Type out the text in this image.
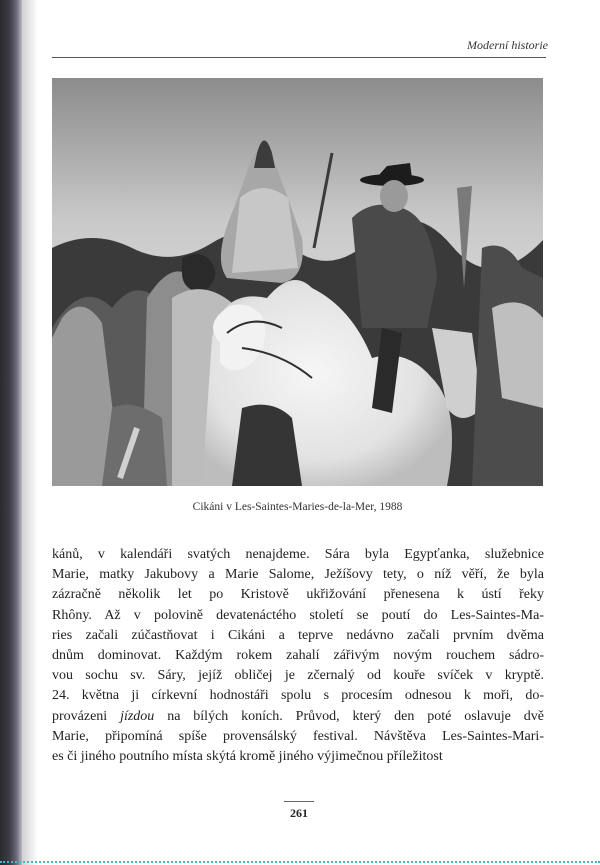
Moderní historie
Cikáni v Les-Saintes-Maries-de-la-Mer, 1988
kánů, v kalendáři svatých nenajdeme. Sára byla Egypťanka, služebnice
Marie, matky Jakubovy a Marie Salome, Ježíšovy tety, o níž věří, že byla
zázračně několik let po Kristově ukřižování přenesena k ústí řeky
Rhôny. Až v polovině devatenáctého století se poutí do Les-Saintes-Ma-
ries začali zúčastňovat i Cikáni a teprve nedávno začali prvním dvěma
dnům dominovat. Každým rokem zahalí zářivým novým rouchem sádro-
vou sochu sv. Sáry, jejíž obličej je zčernalý od kouře svíček v kryptě.
24. května ji církevní hodnostáři spolu s procesím odnesou k moři, do-
provázeni jízdou na bílých koních. Průvod, který den poté oslavuje dvě
Marie, připomíná spíše provensálský festival. Návštěva Les-Saintes-Mari-
es či jiného poutního místa skýtá kromě jiného výjimečnou příležitost
261
